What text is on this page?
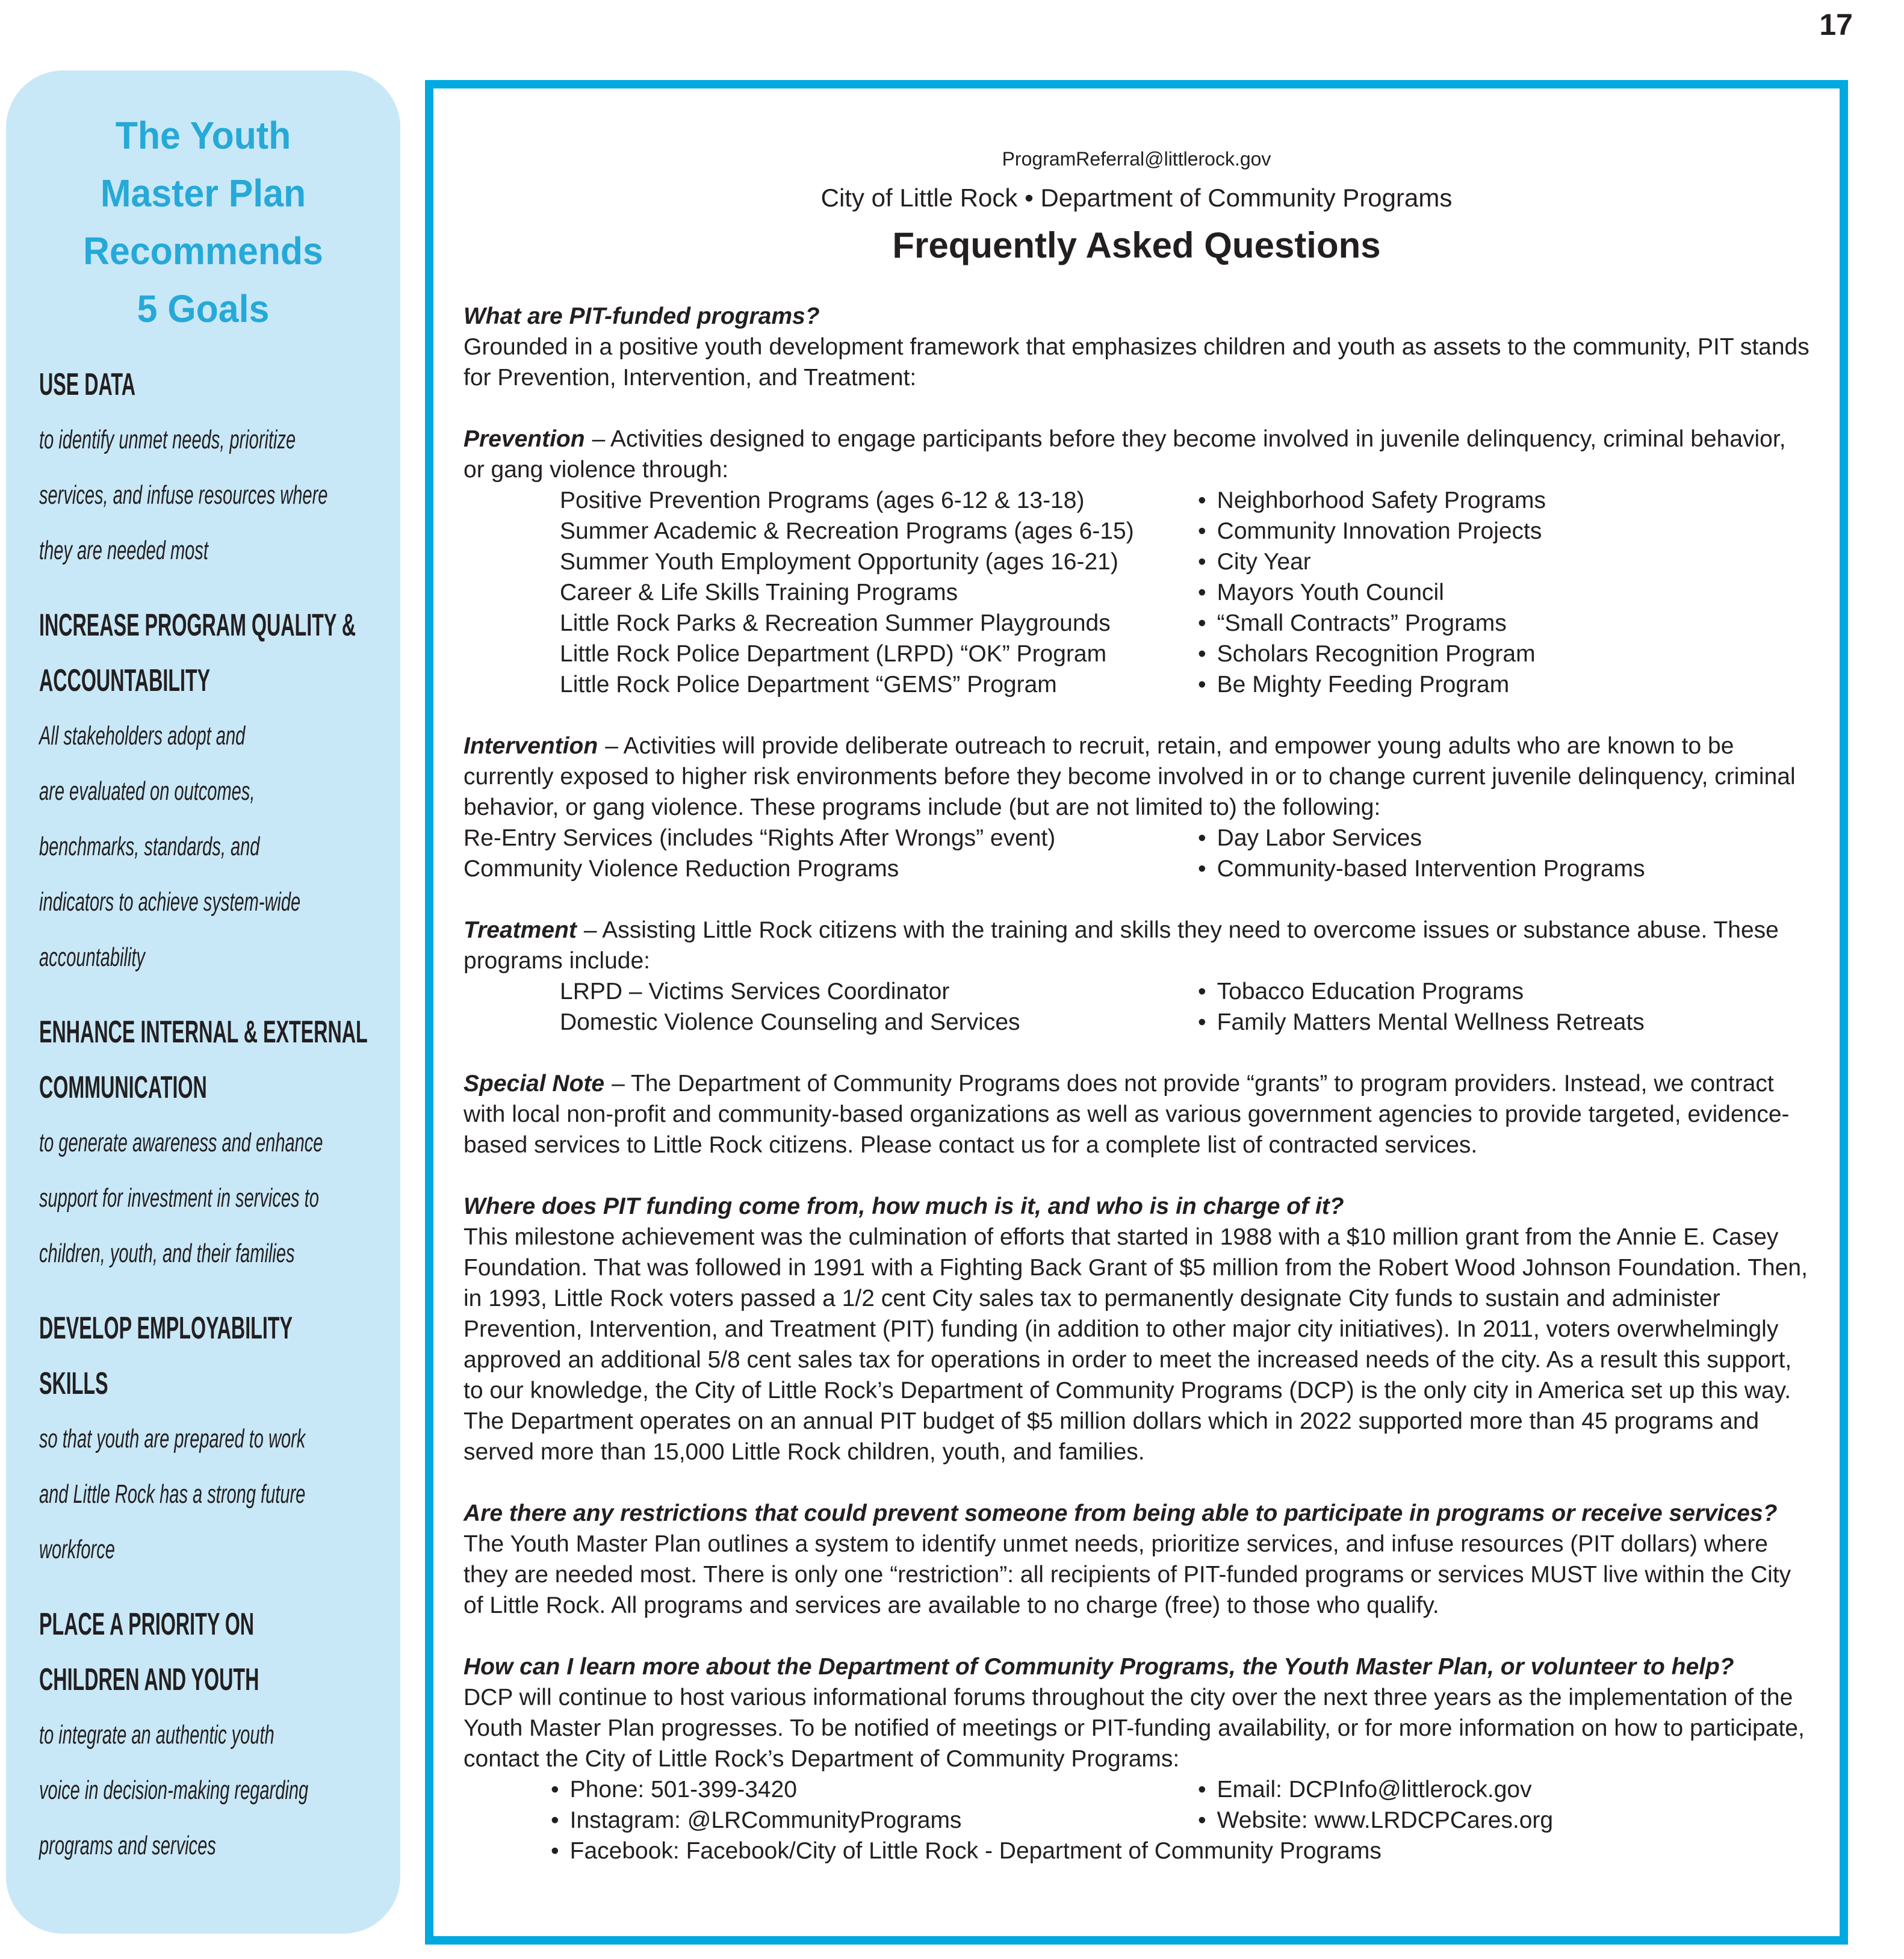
17
The Youth
Master Plan
Recommends
5 Goals
USE DATA
to identify unmet needs, prioritize
services, and infuse resources where
they are needed most
INCREASE PROGRAM QUALITY &
ACCOUNTABILITY
All stakeholders adopt and
are evaluated on outcomes,
benchmarks, standards, and
indicators to achieve system-wide
accountability
ENHANCE INTERNAL & EXTERNAL
COMMUNICATION
to generate awareness and enhance
support for investment in services to
children, youth, and their families
DEVELOP EMPLOYABILITY
SKILLS
so that youth are prepared to work
and Little Rock has a strong future
workforce
PLACE A PRIORITY ON
CHILDREN AND YOUTH
to integrate an authentic youth
voice in decision-making regarding
programs and services
ProgramReferral@littlerock.gov
City of Little Rock • Department of Community Programs
Frequently Asked Questions

What are PIT-funded programs?

Grounded in a positive youth development framework that emphasizes children and youth as assets to the community, PIT stands for Prevention, Intervention, and Treatment:

Prevention – Activities designed to engage participants before they become involved in juvenile delinquency, criminal behavior, or gang violence through:

Positive Prevention Programs (ages 6-12 & 13-18)	• Neighborhood Safety Programs
Summer Academic & Recreation Programs (ages 6-15)	• Community Innovation Projects
Summer Youth Employment Opportunity (ages 16-21)	• City Year
Career & Life Skills Training Programs	• Mayors Youth Council
Little Rock Parks & Recreation Summer Playgrounds	• “Small Contracts” Programs
Little Rock Police Department (LRPD) “OK” Program	• Scholars Recognition Program
Little Rock Police Department “GEMS” Program	• Be Mighty Feeding Program

Intervention – Activities will provide deliberate outreach to recruit, retain, and empower young adults who are known to be currently exposed to higher risk environments before they become involved in or to change current juvenile delinquency, criminal behavior, or gang violence. These programs include (but are not limited to) the following:

Re-Entry Services (includes “Rights After Wrongs” event)	• Day Labor Services
Community Violence Reduction Programs	• Community-based Intervention Programs

Treatment – Assisting Little Rock citizens with the training and skills they need to overcome issues or substance abuse. These programs include:

LRPD – Victims Services Coordinator	• Tobacco Education Programs
Domestic Violence Counseling and Services	• Family Matters Mental Wellness Retreats

Special Note – The Department of Community Programs does not provide “grants” to program providers. Instead, we contract with local non-profit and community-based organizations as well as various government agencies to provide targeted, evidence-based services to Little Rock citizens. Please contact us for a complete list of contracted services.

Where does PIT funding come from, how much is it, and who is in charge of it?

This milestone achievement was the culmination of efforts that started in 1988 with a $10 million grant from the Annie E. Casey Foundation. That was followed in 1991 with a Fighting Back Grant of $5 million from the Robert Wood Johnson Foundation. Then, in 1993, Little Rock voters passed a 1/2 cent City sales tax to permanently designate City funds to sustain and administer Prevention, Intervention, and Treatment (PIT) funding (in addition to other major city initiatives). In 2011, voters overwhelmingly approved an additional 5/8 cent sales tax for operations in order to meet the increased needs of the city. As a result this support, to our knowledge, the City of Little Rock’s Department of Community Programs (DCP) is the only city in America set up this way. The Department operates on an annual PIT budget of $5 million dollars which in 2022 supported more than 45 programs and served more than 15,000 Little Rock children, youth, and families.

Are there any restrictions that could prevent someone from being able to participate in programs or receive services?

The Youth Master Plan outlines a system to identify unmet needs, prioritize services, and infuse resources (PIT dollars) where they are needed most. There is only one “restriction”: all recipients of PIT-funded programs or services MUST live within the City of Little Rock. All programs and services are available to no charge (free) to those who qualify.

How can I learn more about the Department of Community Programs, the Youth Master Plan, or volunteer to help?

DCP will continue to host various informational forums throughout the city over the next three years as the implementation of the Youth Master Plan progresses. To be notified of meetings or PIT-funding availability, or for more information on how to participate, contact the City of Little Rock’s Department of Community Programs:

• Phone: 501-399-3420	• Email: DCPInfo@littlerock.gov
• Instagram: @LRCommunityPrograms	• Website: www.LRDCPCares.org
• Facebook: Facebook/City of Little Rock - Department of Community Programs
